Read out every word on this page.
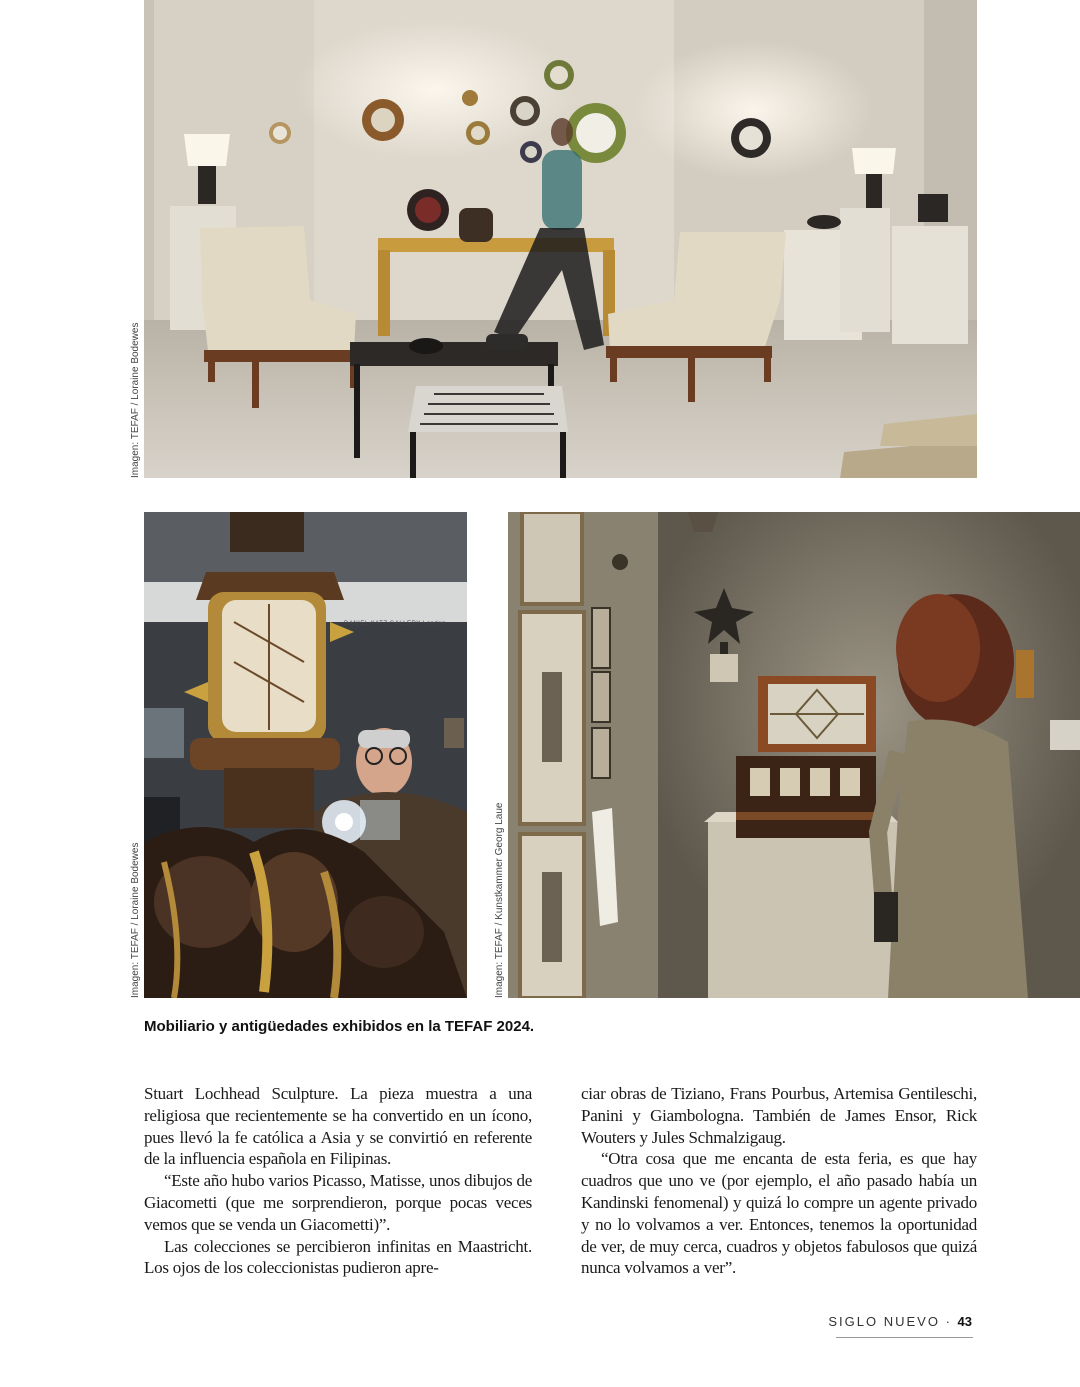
Imagen: TEFAF / Loraine Bodewes
DANIEL KATZ GALLERY London
Imagen: TEFAF / Loraine Bodewes	Imagen: TEFAF / Kunstkammer Georg Laue

Mobiliario y antigüedades exhibidos en la TEFAF 2024.

Stuart Lochhead Sculpture. La pieza muestra a una religiosa que recientemente se ha convertido en un ícono, pues llevó la fe católica a Asia y se convirtió en referente de la influencia española en Filipinas.

“Este año hubo varios Picasso, Matisse, unos dibujos de Giacometti (que me sorprendieron, porque pocas veces vemos que se venda un Giacometti)”.

Las colecciones se percibieron infinitas en Maastricht. Los ojos de los coleccionistas pudieron apre-

ciar obras de Tiziano, Frans Pourbus, Artemisa Gentileschi, Panini y Giambologna. También de James Ensor, Rick Wouters y Jules Schmalzigaug.

“Otra cosa que me encanta de esta feria, es que hay cuadros que uno ve (por ejemplo, el año pasado había un Kandinski fenomenal) y quizá lo compre un agente privado y no lo volvamos a ver. Entonces, tenemos la oportunidad de ver, de muy cerca, cuadros y objetos fabulosos que quizá nunca volvamos a ver”.

SIGLO NUEVO · 43
